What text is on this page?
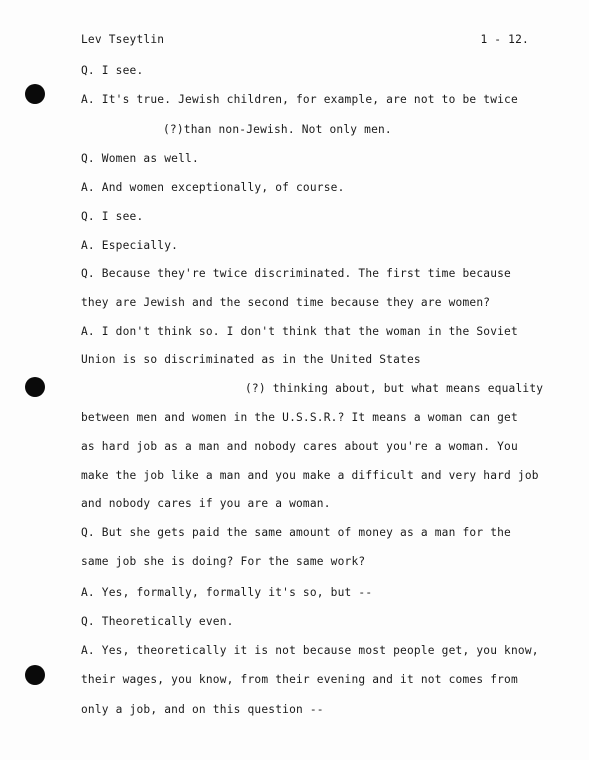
Lev Tseytlin	1 - 12.
Q. I see.
A. It's true. Jewish children, for example, are not to be twice
(?)than non-Jewish. Not only men.
Q. Women as well.
A. And women exceptionally, of course.
Q. I see.
A. Especially.
Q. Because they're twice discriminated. The first time because
they are Jewish and the second time because they are women?
A. I don't think so. I don't think that the woman in the Soviet
Union is so discriminated as in the United States
(?) thinking about, but what means equality
between men and women in the U.S.S.R.? It means a woman can get
as hard job as a man and nobody cares about you're a woman. You
make the job like a man and you make a difficult and very hard job
and nobody cares if you are a woman.
Q. But she gets paid the same amount of money as a man for the
same job she is doing? For the same work?
A. Yes, formally, formally it's so, but --
Q. Theoretically even.
A. Yes, theoretically it is not because most people get, you know,
their wages, you know, from their evening and it not comes from
only a job, and on this question --
